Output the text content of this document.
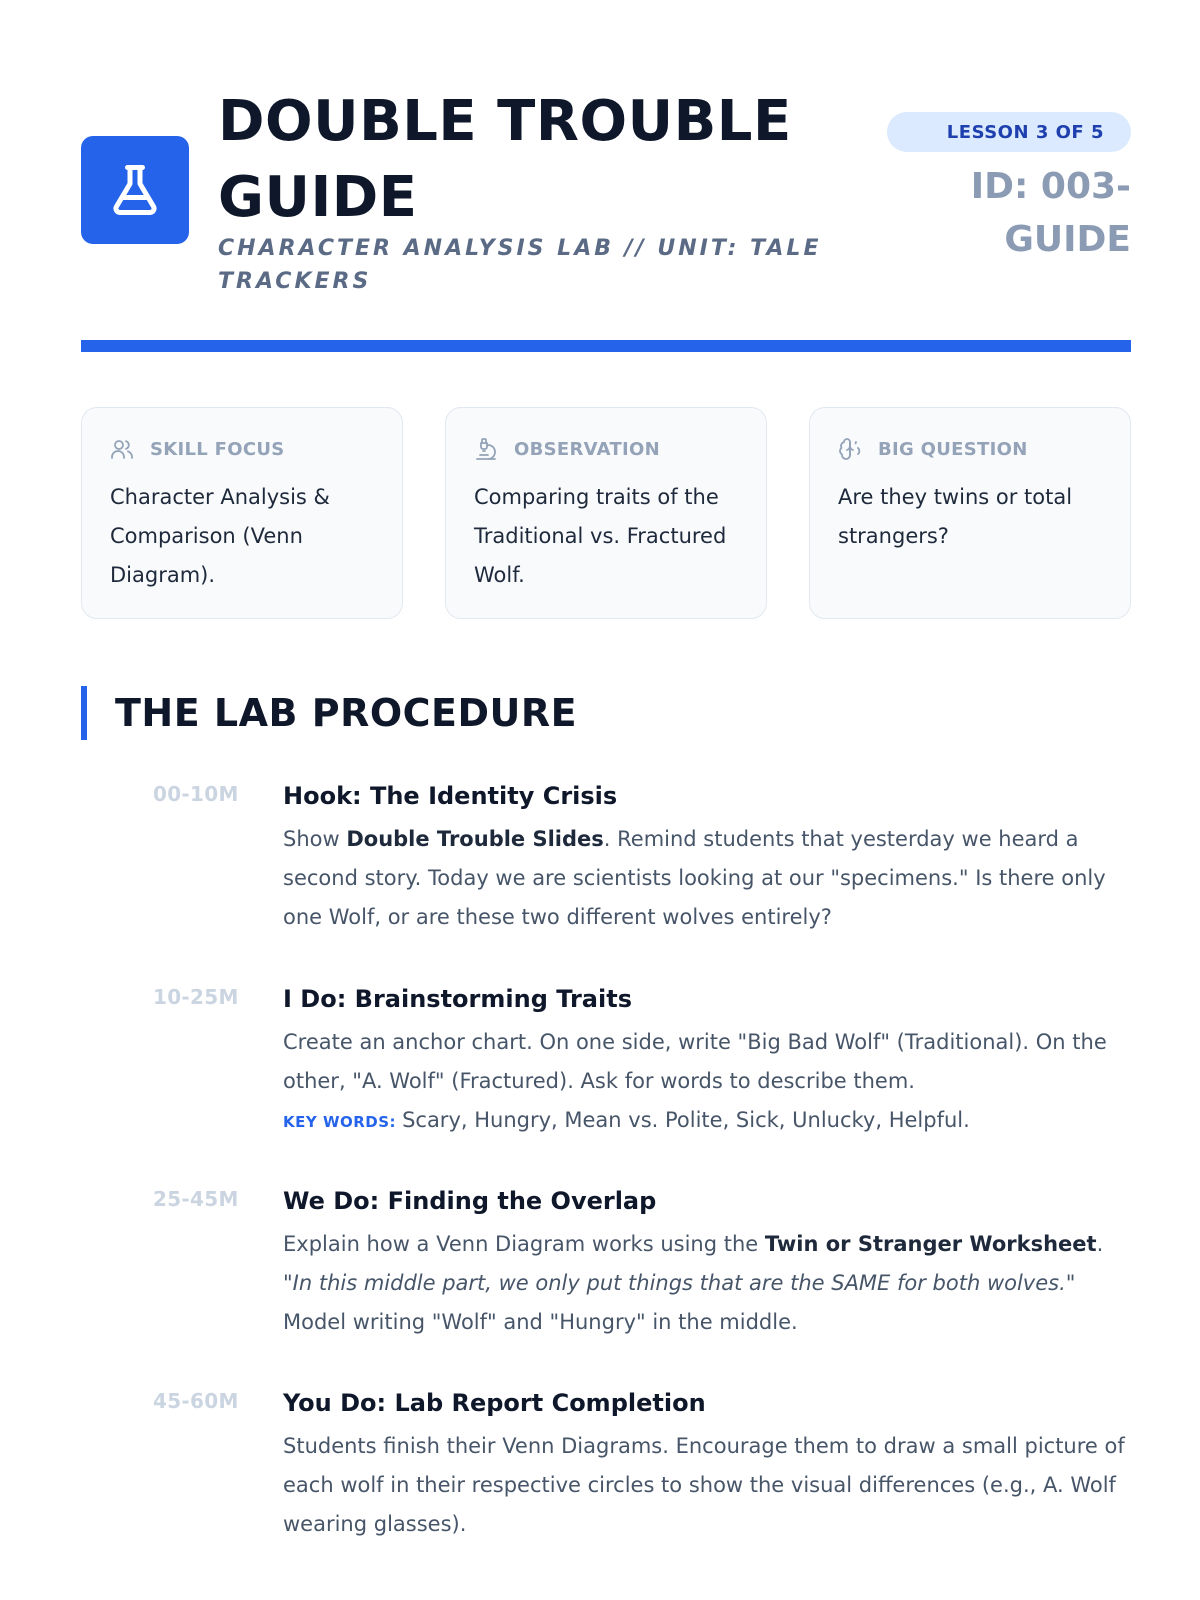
DOUBLE TROUBLE GUIDE
CHARACTER ANALYSIS LAB // UNIT: TALE TRACKERS
LESSON 3 OF 5
ID: 003-GUIDE
SKILL FOCUS
Character Analysis & Comparison (Venn Diagram).
OBSERVATION
Comparing traits of the Traditional vs. Fractured Wolf.
BIG QUESTION
Are they twins or total strangers?
THE LAB PROCEDURE
00-10M Hook: The Identity Crisis
Show Double Trouble Slides. Remind students that yesterday we heard a second story. Today we are scientists looking at our "specimens." Is there only one Wolf, or are these two different wolves entirely?
10-25M I Do: Brainstorming Traits
Create an anchor chart. On one side, write "Big Bad Wolf" (Traditional). On the other, "A. Wolf" (Fractured). Ask for words to describe them.
KEY WORDS: Scary, Hungry, Mean vs. Polite, Sick, Unlucky, Helpful.
25-45M We Do: Finding the Overlap
Explain how a Venn Diagram works using the Twin or Stranger Worksheet.
"In this middle part, we only put things that are the SAME for both wolves."
Model writing "Wolf" and "Hungry" in the middle.
45-60M You Do: Lab Report Completion
Students finish their Venn Diagrams. Encourage them to draw a small picture of each wolf in their respective circles to show the visual differences (e.g., A. Wolf wearing glasses).
